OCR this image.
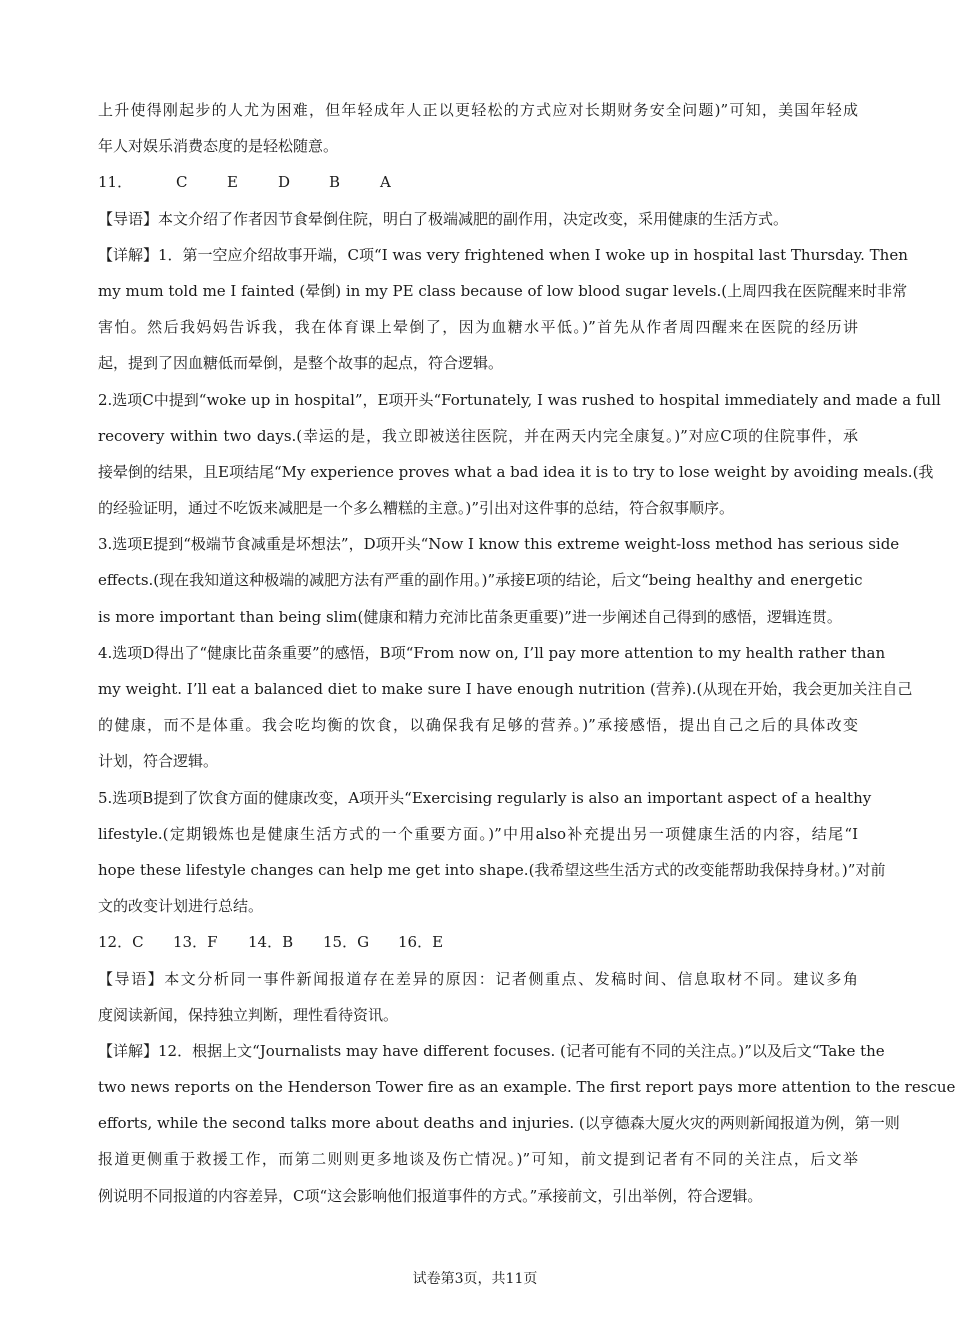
上升使得刚起步的人尤为困难，但年轻成年人正以更轻松的方式应对长期财务安全问题)”可知，美国年轻成
年人对娱乐消费态度的是轻松随意。
11．	C	E	D	B	A
【导语】本文介绍了作者因节食晕倒住院，明白了极端减肥的副作用，决定改变，采用健康的生活方式。
【详解】1．第一空应介绍故事开端，C项“I was very frightened when I woke up in hospital last Thursday. Then
my mum told me I fainted (晕倒) in my PE class because of low blood sugar levels.(上周四我在医院醒来时非常
害怕。然后我妈妈告诉我，我在体育课上晕倒了，因为血糖水平低。)”首先从作者周四醒来在医院的经历讲
起，提到了因血糖低而晕倒，是整个故事的起点，符合逻辑。
2.选项C中提到“woke up in hospital”，E项开头“Fortunately, I was rushed to hospital immediately and made a full
recovery within two days.(幸运的是，我立即被送往医院，并在两天内完全康复。)”对应C项的住院事件，承
接晕倒的结果，且E项结尾“My experience proves what a bad idea it is to try to lose weight by avoiding meals.(我
的经验证明，通过不吃饭来减肥是一个多么糟糕的主意。)”引出对这件事的总结，符合叙事顺序。
3.选项E提到“极端节食减重是坏想法”，D项开头“Now I know this extreme weight-loss method has serious side
effects.(现在我知道这种极端的减肥方法有严重的副作用。)”承接E项的结论，后文“being healthy and energetic
is more important than being slim(健康和精力充沛比苗条更重要)”进一步阐述自己得到的感悟，逻辑连贯。
4.选项D得出了“健康比苗条重要”的感悟，B项“From now on, I’ll pay more attention to my health rather than
my weight. I’ll eat a balanced diet to make sure I have enough nutrition (营养).(从现在开始，我会更加关注自己
的健康，而不是体重。我会吃均衡的饮食，以确保我有足够的营养。)”承接感悟，提出自己之后的具体改变
计划，符合逻辑。
5.选项B提到了饮食方面的健康改变，A项开头“Exercising regularly is also an important aspect of a healthy
lifestyle.(定期锻炼也是健康生活方式的一个重要方面。)”中用also补充提出另一项健康生活的内容，结尾“I
hope these lifestyle changes can help me get into shape.(我希望这些生活方式的改变能帮助我保持身材。)”对前
文的改变计划进行总结。
12．C 13．F 14．B 15．G 16．E
【导语】本文分析同一事件新闻报道存在差异的原因：记者侧重点、发稿时间、信息取材不同。建议多角
度阅读新闻，保持独立判断，理性看待资讯。
【详解】12．根据上文“Journalists may have different focuses. (记者可能有不同的关注点。)”以及后文“Take the
two news reports on the Henderson Tower fire as an example. The first report pays more attention to the rescue
efforts, while the second talks more about deaths and injuries. (以亨德森大厦火灾的两则新闻报道为例，第一则
报道更侧重于救援工作，而第二则则更多地谈及伤亡情况。)”可知，前文提到记者有不同的关注点，后文举
例说明不同报道的内容差异，C项“这会影响他们报道事件的方式。”承接前文，引出举例，符合逻辑。
试卷第3页，共11页
